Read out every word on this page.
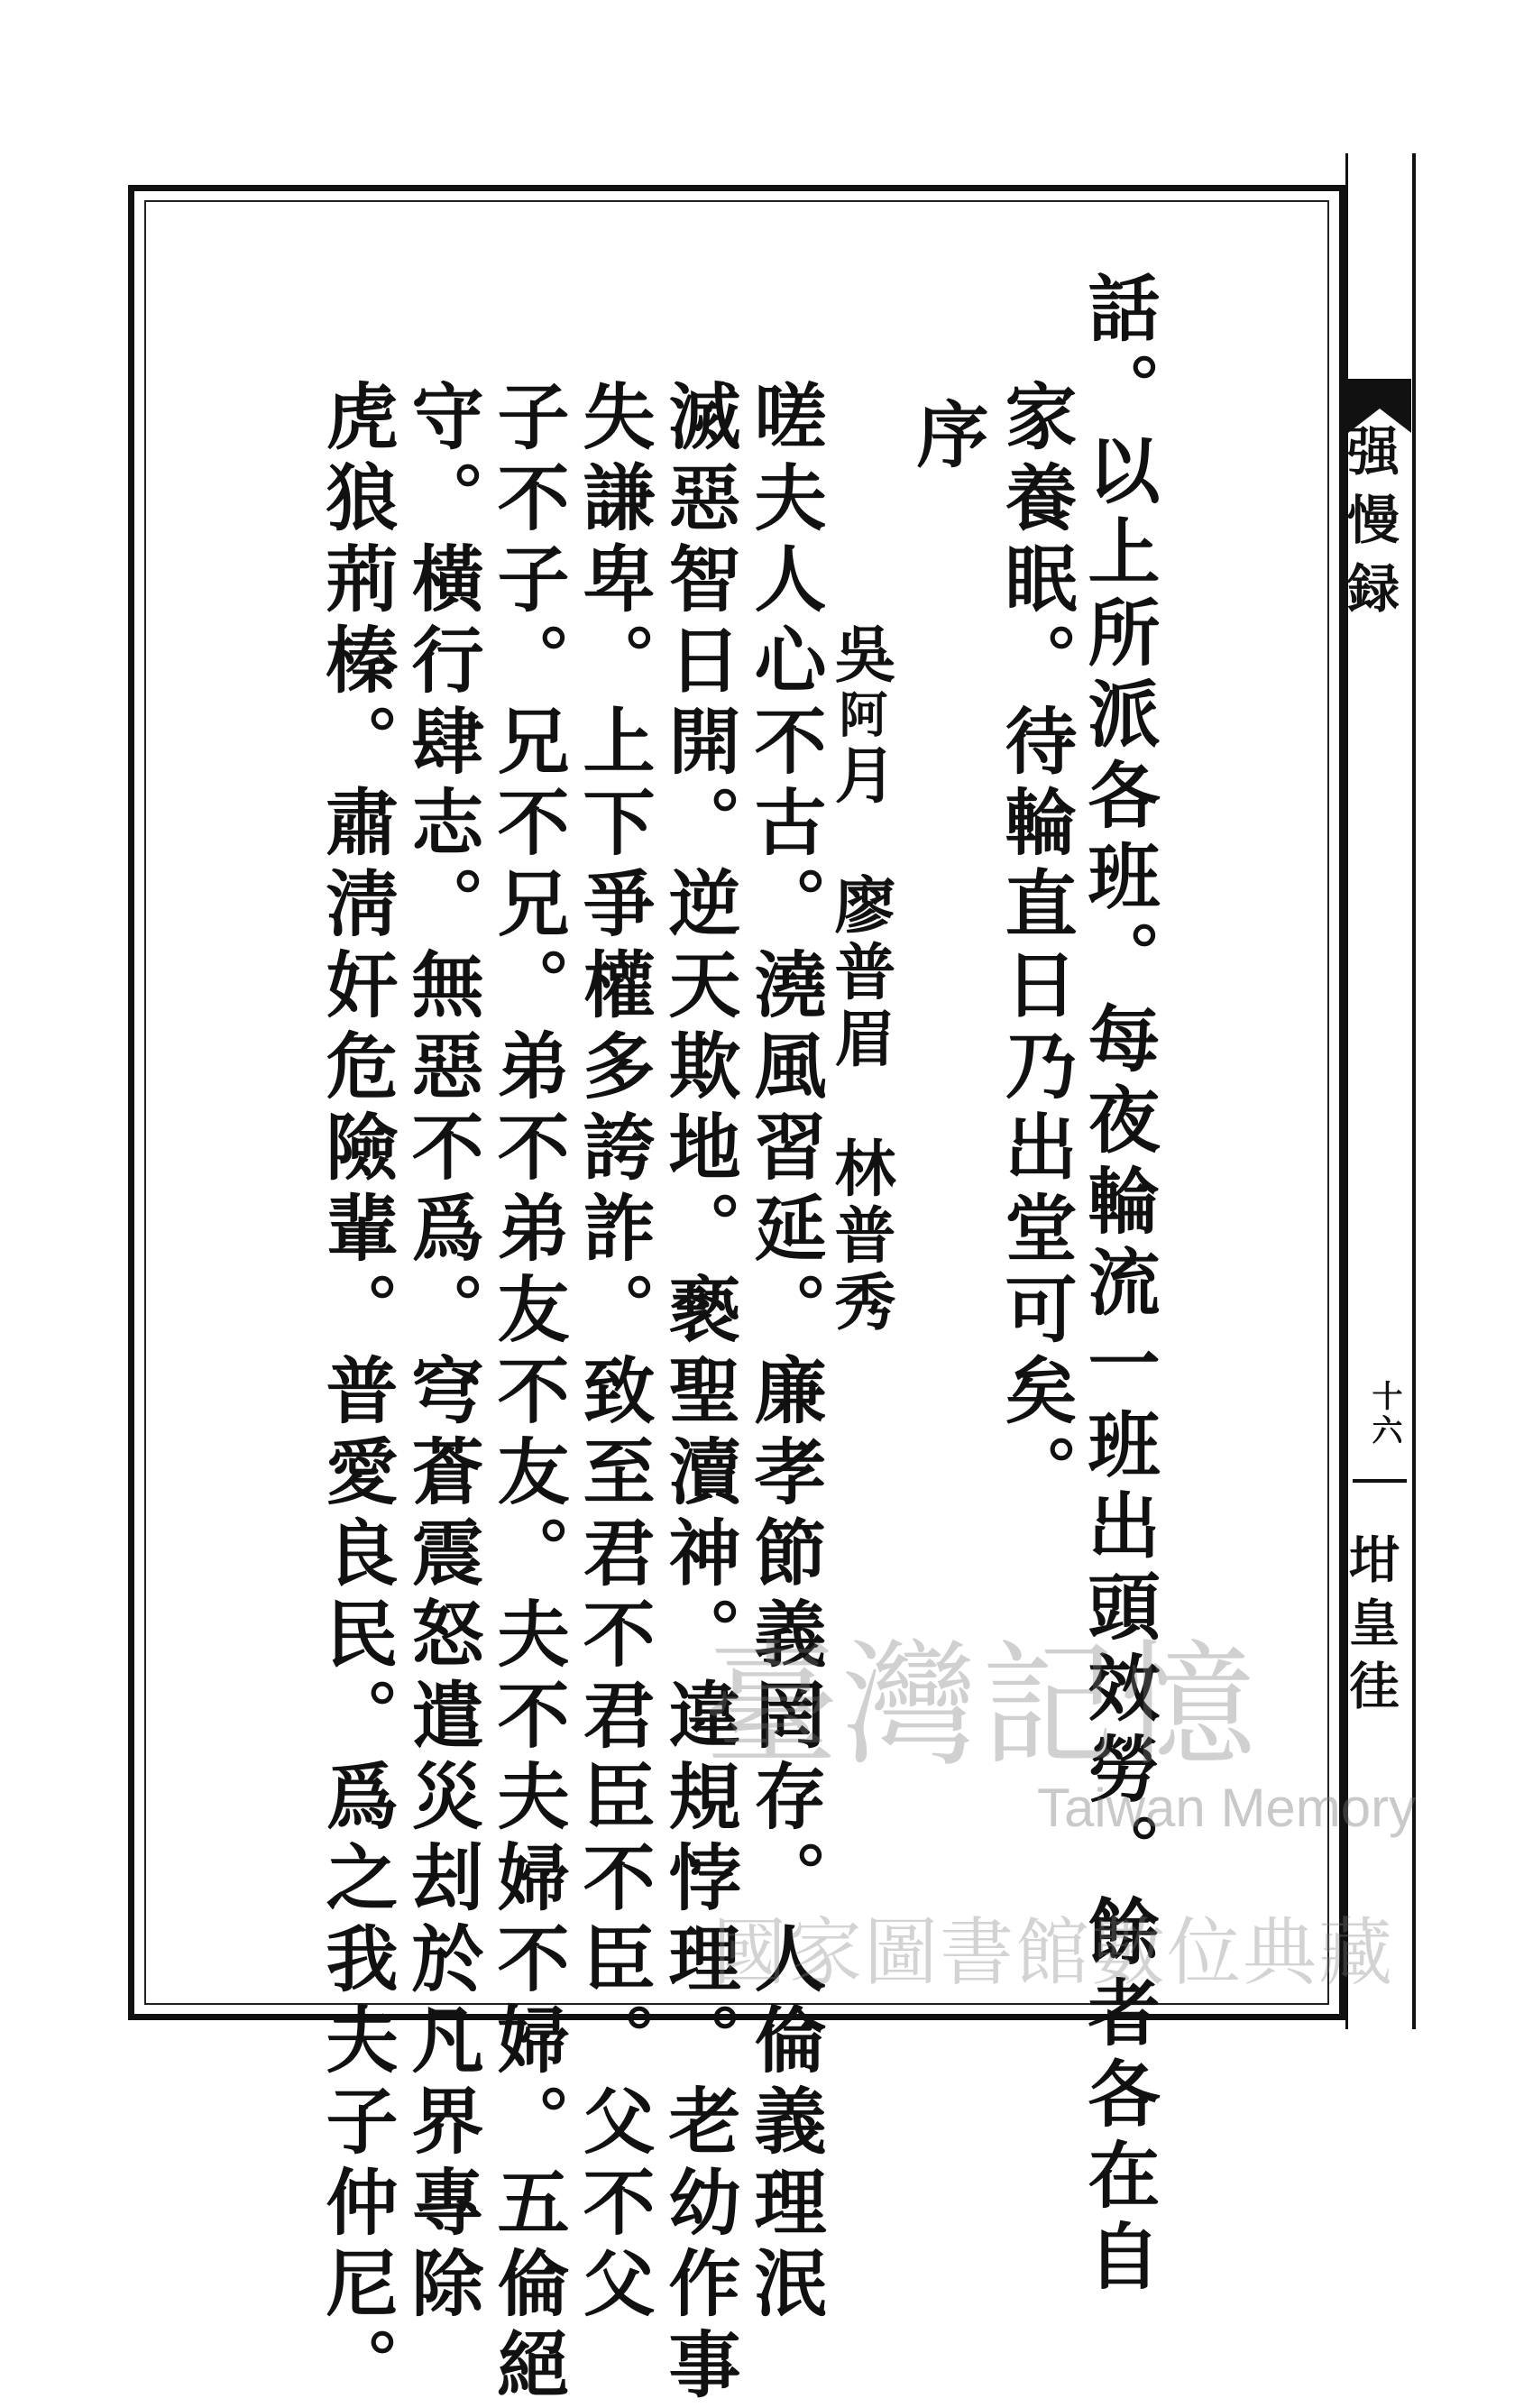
强慢録
十六
坩皇徍
話。以上所派各班。每夜輪流一班出頭效勞。餘者各在自
家養眠。待輪直日乃出堂可矣。
序
吳阿月廖普眉林普秀
嗟夫人心不古。澆風習延。廉孝節義罔存。人倫義理泯
滅惡智日開。逆天欺地。褻聖瀆神。違規悖理。老幼作事
失謙卑。上下爭權多誇詐。致至君不君臣不臣。父不父
子不子。兄不兄。弟不弟友不友。夫不夫婦不婦。五倫絕
守。橫行肆志。無惡不爲。穹蒼震怒遣災刦於凡界專除
虎狼荊榛。肅淸奸危險輩。普愛良民。爲之我夫子仲尼。 臺灣記憶
Taiwan Memory
國家圖書館數位典藏
